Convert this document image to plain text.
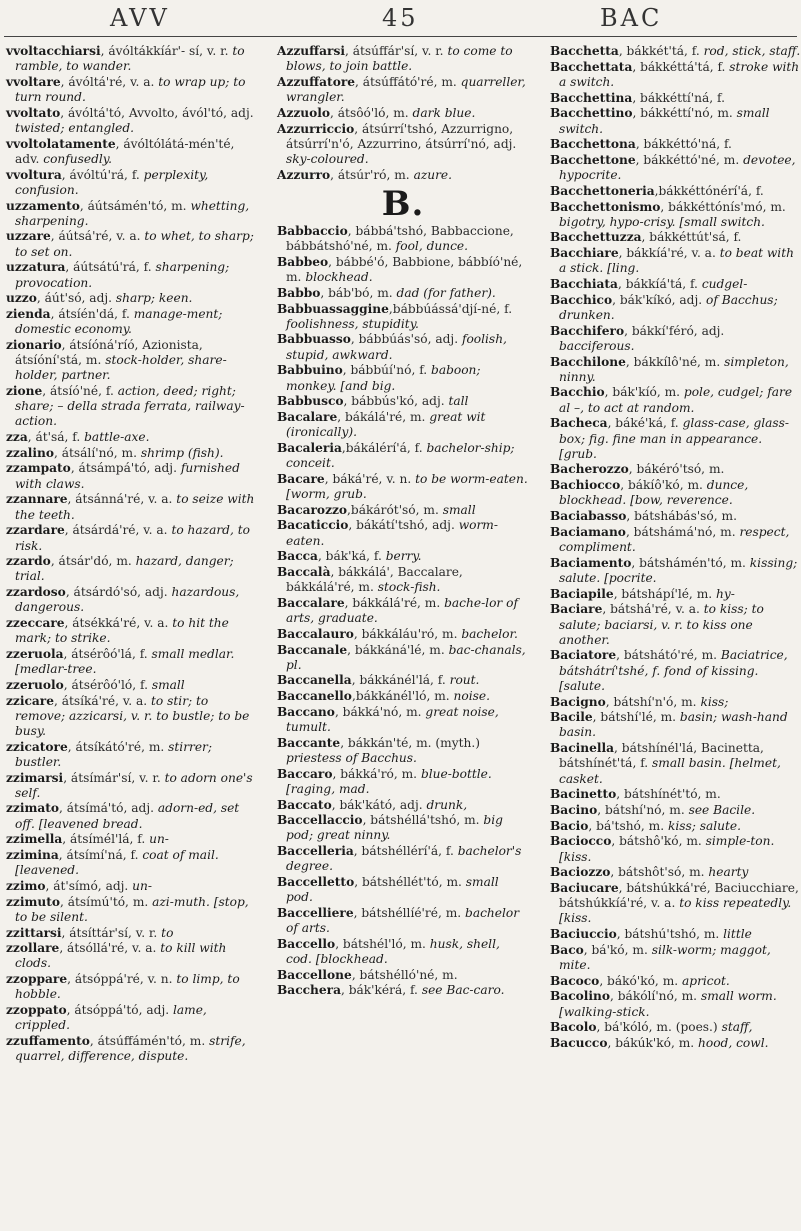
AVV	45	BAC

vvoltacchiarsi, ávóltákkíár'- sí, v. r. to ramble, to wander.

vvoltare, ávóltá'ré, v. a. to wrap up; to turn round.

vvoltato, ávóltá'tó, Avvolto, ávól'tó, adj. twisted; entangled.

vvoltolatamente, ávóltólátá-mén'té, adv. confusedly.

vvoltura, ávóltú'rá, f. perplexity, confusion.

uzzamento, áútsámén'tó, m. whetting, sharpening.

uzzare, áútsá'ré, v. a. to whet, to sharp; to set on.

uzzatura, áútsátú'rá, f. sharpening; provocation.

uzzo, áút'só, adj. sharp; keen.

zienda, átsíén'dá, f. manage-ment; domestic economy.

zionario, átsíóná'ríó, Azionista, átsíóní'stá, m. stock-holder, share-holder, partner.

zione, átsíó'né, f. action, deed; right; share; – della strada ferrata, railway-action.

zza, át'sá, f. battle-axe.

zzalino, átsálí'nó, m. shrimp (fish).

zzampato, átsámpá'tó, adj. furnished with claws.

zzannare, átsánná'ré, v. a. to seize with the teeth.

zzardare, átsárdá'ré, v. a. to hazard, to risk.

zzardo, átsár'dó, m. hazard, danger; trial.

zzardoso, átsárdó'só, adj. hazardous, dangerous.

zzeccare, átsékká'ré, v. a. to hit the mark; to strike.

zzeruola, átsérôó'lá, f. small medlar. [medlar-tree.

zzeruolo, átsérôó'ló, f. small

zzicare, átsíká'ré, v. a. to stir; to remove; azzicarsi, v. r. to bustle; to be busy.

zzicatore, átsíkátó'ré, m. stirrer; bustler.

zzimarsi, átsímár'sí, v. r. to adorn one's self.

zzimato, átsímá'tó, adj. adorn-ed, set off. [leavened bread.

zzimella, átsímél'lá, f. un-

zzimina, átsímí'ná, f. coat of mail. [leavened.

zzimo, át'símó, adj. un-

zzimuto, átsímú'tó, m. azi-muth. [stop, to be silent.

zzittarsi, átsíttár'sí, v. r. to

zzollare, átsóllá'ré, v. a. to kill with clods.

zzoppare, átsóppá'ré, v. n. to limp, to hobble.

zzoppato, átsóppá'tó, adj. lame, crippled.

zzuffamento, átsúffámén'tó, m. strife, quarrel, difference, dispute.

Azzuffarsi, átsúffár'sí, v. r. to come to blows, to join battle.

Azzuffatore, átsúffátó'ré, m. quarreller, wrangler.

Azzuolo, átsôó'ló, m. dark blue.

Azzurriccio, átsúrrí'tshó, Azzurrigno, átsúrrí'n'ó, Azzurrino, átsúrrí'nó, adj. sky-coloured.

Azzurro, átsúr'ró, m. azure.

B.

Babbaccio, bábbá'tshó, Babbaccione, bábbátshó'né, m. fool, dunce.

Babbeo, bábbé'ó, Babbione, bábbíó'né, m. blockhead.

Babbo, báb'bó, m. dad (for father).

Babbuassaggine,bábbúássá'djí-né, f. foolishness, stupidity.

Babbuasso, bábbúás'só, adj. foolish, stupid, awkward.

Babbuino, bábbúí'nó, f. baboon; monkey. [and big.

Babbusco, bábbús'kó, adj. tall

Bacalare, bákálá'ré, m. great wit (ironically).

Bacaleria,bákálérí'á, f. bachelor-ship; conceit.

Bacare, báká'ré, v. n. to be worm-eaten. [worm, grub.

Bacarozzo,bákárót'só, m. small

Bacaticcio, bákátí'tshó, adj. worm-eaten.

Bacca, bák'ká, f. berry.

Baccalà, bákkálá', Baccalare, bákkálá'ré, m. stock-fish.

Baccalare, bákkálá'ré, m. bache-lor of arts, graduate.

Baccalauro, bákkáláu'ró, m. bachelor.

Baccanale, bákkáná'lé, m. bac-chanals, pl.

Baccanella, bákkánél'lá, f. rout.

Baccanello,bákkánél'ló, m. noise.

Baccano, bákká'nó, m. great noise, tumult.

Baccante, bákkán'té, m. (myth.) priestess of Bacchus.

Baccaro, bákká'ró, m. blue-bottle. [raging, mad.

Baccato, bák'kátó, adj. drunk,

Baccellaccio, bátshéllá'tshó, m. big pod; great ninny.

Baccelleria, bátshéllérí'á, f. bachelor's degree.

Baccelletto, bátshéllét'tó, m. small pod.

Baccelliere, bátshéllíé'ré, m. bachelor of arts.

Baccello, bátshél'ló, m. husk, shell, cod. [blockhead.

Baccellone, bátshélló'né, m.

Bacchera, bák'kérá, f. see Bac-caro.

Bacchetta, bákkét'tá, f. rod, stick, staff.

Bacchettata, bákkéttá'tá, f. stroke with a switch.

Bacchettina, bákkéttí'ná, f.

Bacchettino, bákkéttí'nó, m. small switch.

Bacchettona, bákkéttó'ná, f.

Bacchettone, bákkéttó'né, m. devotee, hypocrite.

Bacchettoneria,bákkéttónérí'á, f.

Bacchettonismo, bákkéttónís'mó, m. bigotry, hypo-crisy. [small switch.

Bacchettuzza, bákkéttút'sá, f.

Bacchiare, bákkíá'ré, v. a. to beat with a stick. [ling.

Bacchiata, bákkíá'tá, f. cudgel-

Bacchico, bák'kíkó, adj. of Bacchus; drunken.

Bacchifero, bákkí'féró, adj. bacciferous.

Bacchilone, bákkílô'né, m. simpleton, ninny.

Bacchio, bák'kíó, m. pole, cudgel; fare al –, to act at random.

Bacheca, báké'ká, f. glass-case, glass-box; fig. fine man in appearance. [grub.

Bacherozzo, bákéró'tsó, m.

Bachiocco, bákíô'kó, m. dunce, blockhead. [bow, reverence.

Baciabasso, bátshábás'só, m.

Baciamano, bátshámá'nó, m. respect, compliment.

Baciamento, bátshámén'tó, m. kissing; salute. [pocrite.

Baciapile, bátshápí'lé, m. hy-

Baciare, bátshá'ré, v. a. to kiss; to salute; baciarsi, v. r. to kiss one another.

Baciatore, bátshátó'ré, m. Baciatrice, bátshátrí'tshé, f. fond of kissing. [salute.

Bacigno, bátshí'n'ó, m. kiss;

Bacile, bátshí'lé, m. basin; wash-hand basin.

Bacinella, bátshínél'lá, Bacinetta, bátshínét'tá, f. small basin. [helmet, casket.

Bacinetto, bátshínét'tó, m.

Bacino, bátshí'nó, m. see Bacile.

Bacio, bá'tshó, m. kiss; salute.

Baciocco, bátshô'kó, m. simple-ton. [kiss.

Baciozzo, bátshôt'só, m. hearty

Baciucare, bátshúkká'ré, Baciucchiare, bátshúkkíá'ré, v. a. to kiss repeatedly. [kiss.

Baciuccio, bátshú'tshó, m. little

Baco, bá'kó, m. silk-worm; maggot, mite.

Bacoco, bákó'kó, m. apricot.

Bacolino, bákólí'nó, m. small worm. [walking-stick.

Bacolo, bá'kóló, m. (poes.) staff,

Bacucco, bákúk'kó, m. hood, cowl.
